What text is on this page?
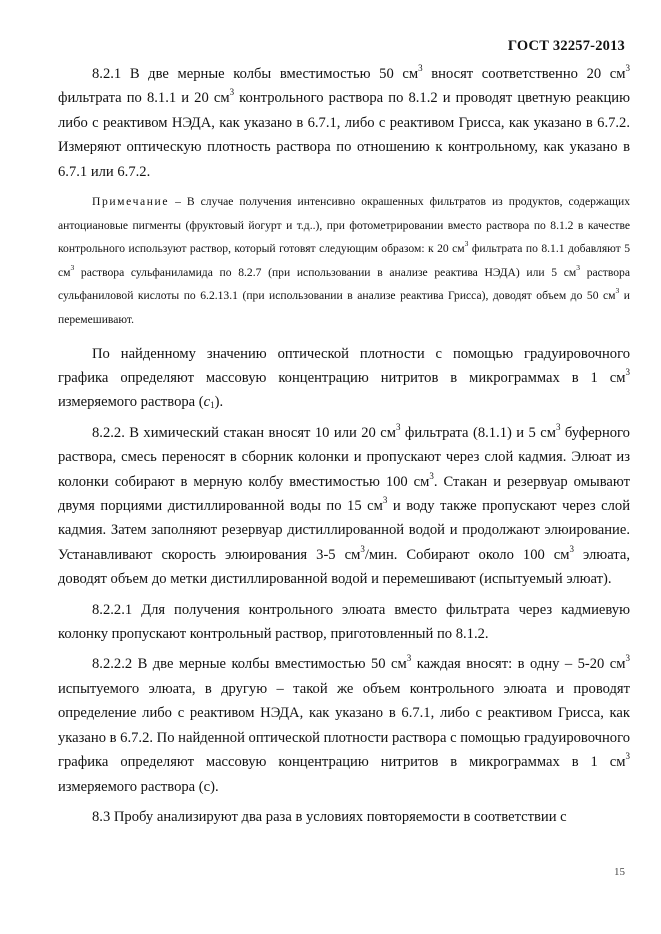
ГОСТ 32257-2013

8.2.1 В две мерные колбы вместимостью 50 $см^3$ вносят соответственно 20 $см^3$ фильтрата по 8.1.1 и 20 $см^3$ контрольного раствора по 8.1.2 и проводят цветную реакцию либо с реактивом НЭДА, как указано в 6.7.1, либо с реактивом Грисса, как указано в 6.7.2. Измеряют оптическую плотность раствора по отношению к контрольному, как указано в 6.7.1 или 6.7.2.

Примечание – В случае получения интенсивно окрашенных фильтратов из продуктов, содержащих антоциановые пигменты (фруктовый йогурт и т.д..), при фотометрировании вместо раствора по 8.1.2 в качестве контрольного используют раствор, который готовят следующим образом: к 20 $см^3$ фильтрата по 8.1.1 добавляют 5 $см^3$ раствора сульфаниламида по 8.2.7 (при использовании в анализе реактива НЭДА) или 5 $см^3$ раствора сульфаниловой кислоты по 6.2.13.1 (при использовании в анализе реактива Грисса), доводят объем до 50 $см^3$ и перемешивают.

По найденному значению оптической плотности с помощью градуировочного графика определяют массовую концентрацию нитритов в микрограммах в 1 $см^3$ измеряемого раствора $(c_1)$.

8.2.2. В химический стакан вносят 10 или 20 $см^3$ фильтрата (8.1.1) и 5 $см^3$ буферного раствора, смесь переносят в сборник колонки и пропускают через слой кадмия. Элюат из колонки собирают в мерную колбу вместимостью 100 $см^3$. Стакан и резервуар омывают двумя порциями дистиллированной воды по 15 $см^3$ и воду также пропускают через слой кадмия. Затем заполняют резервуар дистиллированной водой и продолжают элюирование. Устанавливают скорость элюирования 3-5 $см^3$/мин. Собирают около 100 $см^3$ элюата, доводят объем до метки дистиллированной водой и перемешивают (испытуемый элюат).

8.2.2.1 Для получения контрольного элюата вместо фильтрата через кадмиевую колонку пропускают контрольный раствор, приготовленный по 8.1.2.

8.2.2.2 В две мерные колбы вместимостью 50 $см^3$ каждая вносят: в одну – 5-20 $см^3$ испытуемого элюата, в другую – такой же объем контрольного элюата и проводят определение либо с реактивом НЭДА, как указано в 6.7.1, либо с реактивом Грисса, как указано в 6.7.2. По найденной оптической плотности раствора с помощью градуировочного графика определяют массовую концентрацию нитритов в микрограммах в 1 $см^3$ измеряемого раствора (с).

8.3 Пробу анализируют два раза в условиях повторяемости в соответствии с

15
